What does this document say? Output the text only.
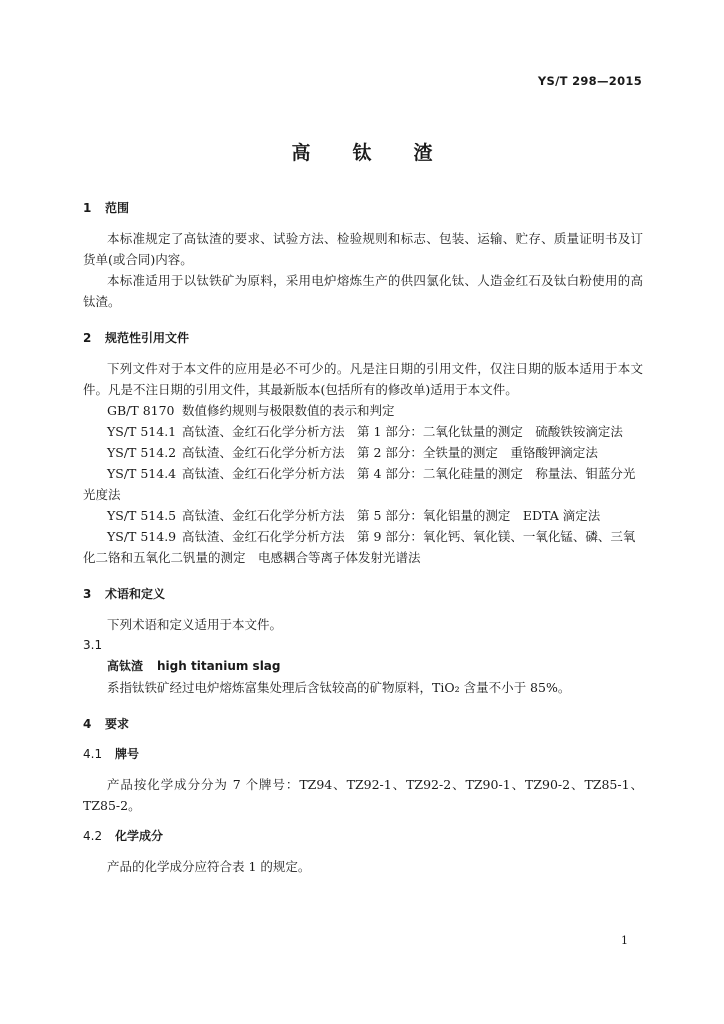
YS/T 298—2015
高钛渣
1 范围
本标准规定了高钛渣的要求、试验方法、检验规则和标志、包装、运输、贮存、质量证明书及订货单(或合同)内容。
本标准适用于以钛铁矿为原料，采用电炉熔炼生产的供四氯化钛、人造金红石及钛白粉使用的高钛渣。
2 规范性引用文件
下列文件对于本文件的应用是必不可少的。凡是注日期的引用文件，仅注日期的版本适用于本文件。凡是不注日期的引用文件，其最新版本(包括所有的修改单)适用于本文件。
GB/T 8170 数值修约规则与极限数值的表示和判定
YS/T 514.1 高钛渣、金红石化学分析方法　第 1 部分：二氧化钛量的测定　硫酸铁铵滴定法
YS/T 514.2 高钛渣、金红石化学分析方法　第 2 部分：全铁量的测定　重铬酸钾滴定法
YS/T 514.4 高钛渣、金红石化学分析方法　第 4 部分：二氧化硅量的测定　称量法、钼蓝分光光度法
YS/T 514.5 高钛渣、金红石化学分析方法　第 5 部分：氧化铝量的测定　EDTA 滴定法
YS/T 514.9 高钛渣、金红石化学分析方法　第 9 部分：氧化钙、氧化镁、一氧化锰、磷、三氧化二铬和五氧化二钒量的测定　电感耦合等离子体发射光谱法
3 术语和定义
下列术语和定义适用于本文件。
3.1
高钛渣 high titanium slag
系指钛铁矿经过电炉熔炼富集处理后含钛较高的矿物原料，TiO₂ 含量不小于 85%。
4 要求
4.1 牌号
产品按化学成分分为 7 个牌号：TZ94、TZ92-1、TZ92-2、TZ90-1、TZ90-2、TZ85-1、TZ85-2。
4.2 化学成分
产品的化学成分应符合表 1 的规定。
1
